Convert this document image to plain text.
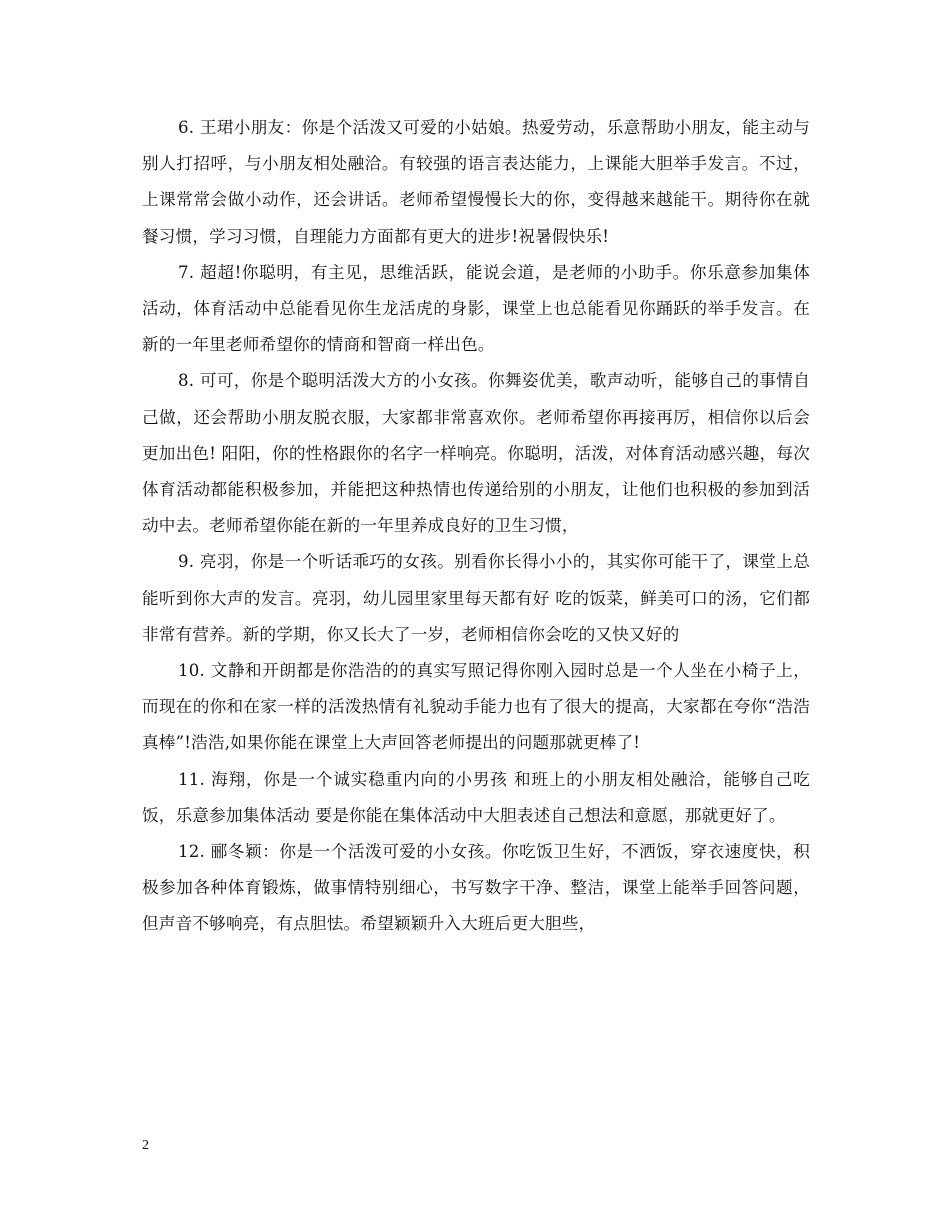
6. 王珺小朋友：你是个活泼又可爱的小姑娘。热爱劳动，乐意帮助小朋友，能主动与别人打招呼，与小朋友相处融洽。有较强的语言表达能力，上课能大胆举手发言。不过，上课常常会做小动作，还会讲话。老师希望慢慢长大的你，变得越来越能干。期待你在就餐习惯，学习习惯，自理能力方面都有更大的进步!祝暑假快乐!

7. 超超!你聪明，有主见，思维活跃，能说会道，是老师的小助手。你乐意参加集体活动，体育活动中总能看见你生龙活虎的身影，课堂上也总能看见你踊跃的举手发言。在新的一年里老师希望你的情商和智商一样出色。

8. 可可，你是个聪明活泼大方的小女孩。你舞姿优美，歌声动听，能够自己的事情自己做，还会帮助小朋友脱衣服，大家都非常喜欢你。老师希望你再接再厉，相信你以后会更加出色! 阳阳，你的性格跟你的名字一样响亮。你聪明，活泼，对体育活动感兴趣，每次体育活动都能积极参加，并能把这种热情也传递给别的小朋友，让他们也积极的参加到活动中去。老师希望你能在新的一年里养成良好的卫生习惯，

9. 亮羽，你是一个听话乖巧的女孩。别看你长得小小的，其实你可能干了，课堂上总能听到你大声的发言。亮羽，幼儿园里家里每天都有好 吃的饭菜，鲜美可口的汤，它们都非常有营养。新的学期，你又长大了一岁，老师相信你会吃的又快又好的

10. 文静和开朗都是你浩浩的的真实写照记得你刚入园时总是一个人坐在小椅子上，而现在的你和在家一样的活泼热情有礼貌动手能力也有了很大的提高，大家都在夸你“浩浩真棒”!浩浩,如果你能在课堂上大声回答老师提出的问题那就更棒了!

11. 海翔，你是一个诚实稳重内向的小男孩 和班上的小朋友相处融洽，能够自己吃饭，乐意参加集体活动 要是你能在集体活动中大胆表述自己想法和意愿，那就更好了。

12. 郦冬颖：你是一个活泼可爱的小女孩。你吃饭卫生好，不洒饭，穿衣速度快，积极参加各种体育锻炼，做事情特别细心，书写数字干净、整洁，课堂上能举手回答问题，但声音不够响亮，有点胆怯。希望颖颖升入大班后更大胆些，

2
